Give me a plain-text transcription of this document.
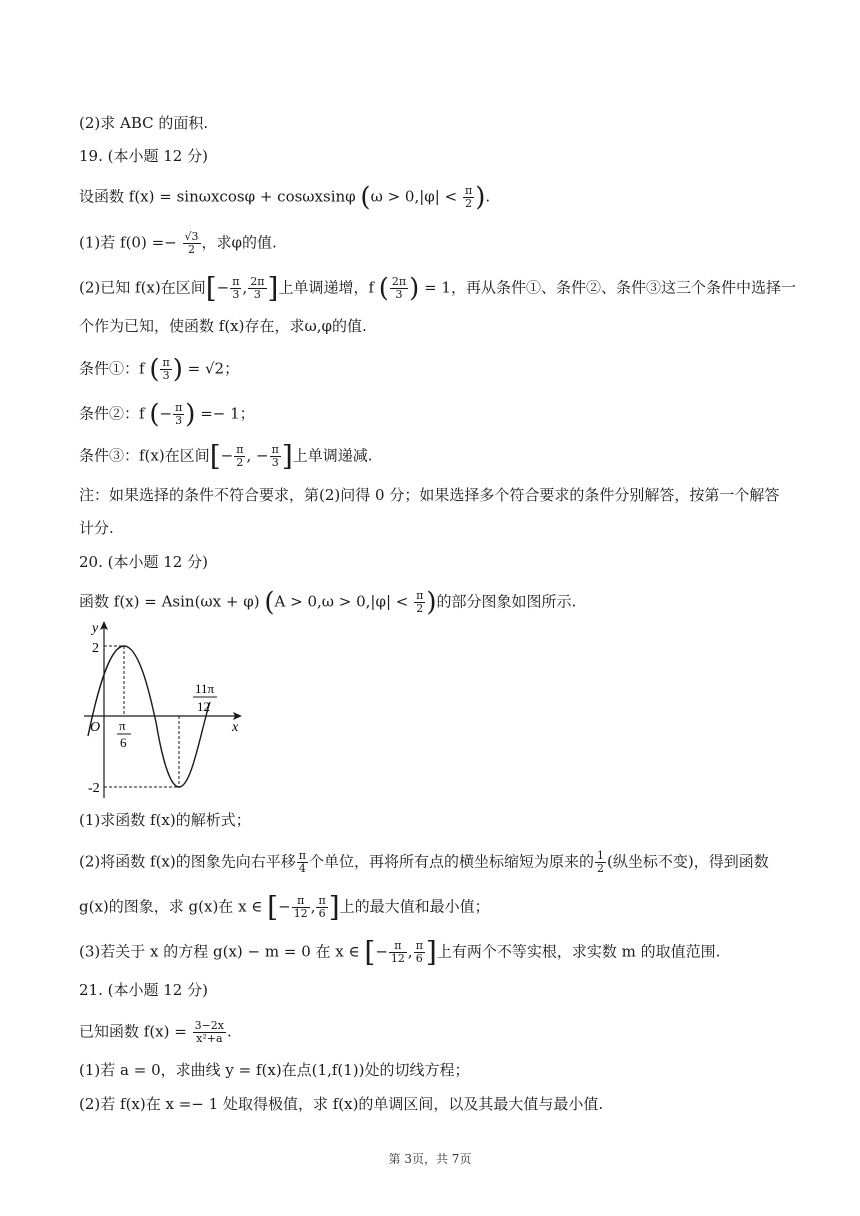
(2)求 ABC 的面积.
19. (本小题 12 分)
设函数 f(x) = sinωxcosφ + cosωxsinφ ($\omega > 0,|\varphi| < \frac{\pi}{2}$ ).
(1)若 $f(0) =- \frac{√3}{2}$ ，求φ的值.
(2)已知 f(x)在区间[− $\frac{\pi}{3}$ , $\frac{2\pi}{3}$ ]上单调递增，f ( $\frac{2\pi}{3}$ ) = 1，再从条件①、条件②、条件③这三个条件中选择一
个作为已知，使函数 f(x)存在，求ω,φ的值.
条件①：f ( $\frac{\pi}{3}$ ) = √2；
条件②：f (− $\frac{\pi}{3}$ ) =− 1；
条件③：f(x)在区间[− $\frac{\pi}{2}$ , − $\frac{\pi}{3}$ ]上单调递减.
注：如果选择的条件不符合要求，第(2)问得 0 分；如果选择多个符合要求的条件分别解答，按第一个解答
计分.
20. (本小题 12 分)
函数 f(x) = Asin(ωx + φ) ($A > 0,\omega > 0,|\varphi| < \frac{\pi}{2}$ )的部分图象如图所示.
y
x
O
2
-2
π
6
11π
12
(1)求函数 f(x)的解析式；
(2)将函数 f(x)的图象先向右平移 $\frac{\pi}{4}$ 个单位，再将所有点的横坐标缩短为原来的 $\frac{1}{2}$ (纵坐标不变)，得到函数
g(x)的图象，求 g(x)在 x ∈ [− $\frac{\pi}{12}$ , $\frac{\pi}{6}$ ]上的最大值和最小值；
(3)若关于 x 的方程 g(x) − m = 0 在 x ∈ [− $\frac{\pi}{12}$ , $\frac{\pi}{6}$ ]上有两个不等实根，求实数 m 的取值范围.
21. (本小题 12 分)
已知函数 $f(x) = \frac{3-2x}{\text{x²+a}}$ .
(1)若 a = 0，求曲线 y = f(x)在点(1,f(1))处的切线方程；
(2)若 f(x)在 x =− 1 处取得极值，求 f(x)的单调区间，以及其最大值与最小值.
第 3页，共 7页
